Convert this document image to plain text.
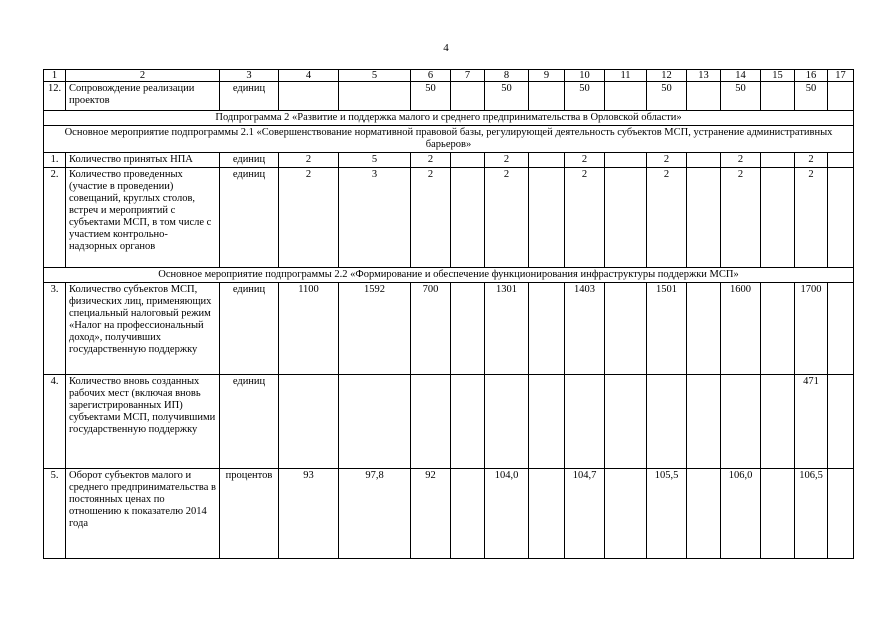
4
1	2	3	4	5	6	7	8	9	10	11	12	13	14	15	16	17
12.	Сопровождение реализации проектов	единиц			50		50		50		50		50		50	
Подпрограмма 2 «Развитие и поддержка малого и среднего предпринимательства в Орловской области»																
Основное мероприятие подпрограммы 2.1 «Совершенствование нормативной правовой базы, регулирующей деятельность субъектов МСП, устранение административных барьеров»																
1.	Количество принятых НПА	единиц	2	5	2		2		2		2		2		2	
2.	Количество проведенных (участие в проведении) совещаний, круглых столов, встреч и мероприятий с субъектами МСП, в том числе с участием контрольно-надзорных органов	единиц	2	3	2		2		2		2		2		2	
Основное мероприятие подпрограммы 2.2 «Формирование и обеспечение функционирования инфраструктуры поддержки МСП»																
3.	Количество субъектов МСП, физических лиц, применяющих специальный налоговый режим «Налог на профессиональный доход», получивших государственную поддержку	единиц	1100	1592	700		1301		1403		1501		1600		1700	
4.	Количество вновь созданных рабочих мест (включая вновь зарегистрированных ИП) субъектами МСП, получившими государственную поддержку	единиц													471	
5.	Оборот субъектов малого и среднего предпринимательства в постоянных ценах по отношению к показателю 2014 года	процентов	93	97,8	92		104,0		104,7		105,5		106,0		106,5	
